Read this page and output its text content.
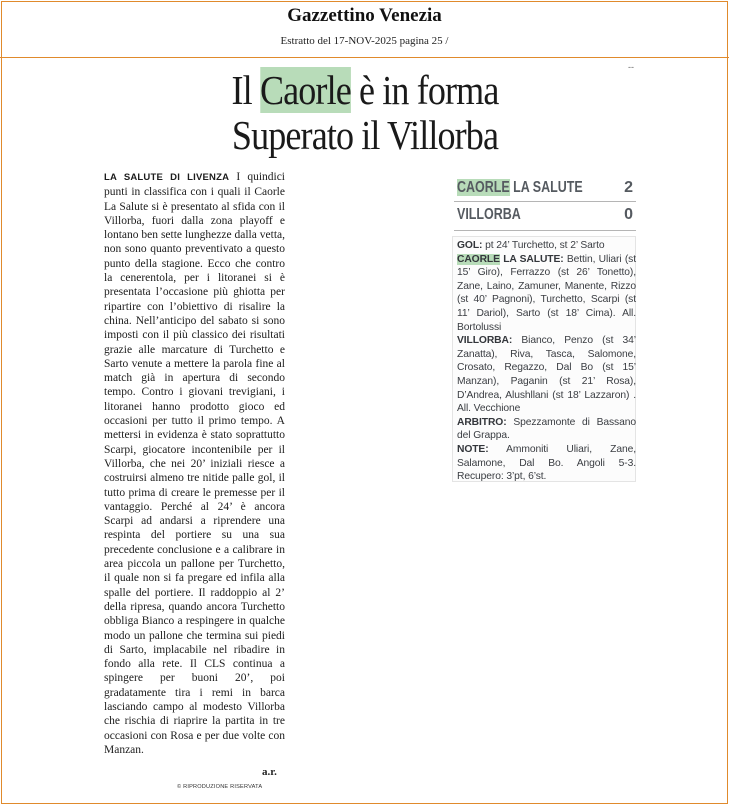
Gazzettino Venezia
Estratto del 17-NOV-2025 pagina 25 /
--
Il Caorle è in forma
Superato il Villorba
LA SALUTE DI LIVENZA I quindici punti in classifica con i quali il Caorle La Salute si è presentato al sfida con il Villorba, fuori dalla zona playoff e lontano ben sette lunghezze dalla vetta, non sono quanto preventivato a questo punto della stagione. Ecco che contro la cenerentola, per i litoranei si è presentata l’occasione più ghiotta per ripartire con l’obiettivo di risalire la china. Nell’anticipo del sabato si sono imposti con il più classico dei risultati grazie alle marcature di Turchetto e Sarto venute a mettere la parola fine al match già in apertura di secondo tempo. Contro i giovani trevigiani, i litoranei hanno prodotto gioco ed occasioni per tutto il primo tempo. A mettersi in evidenza è stato soprattutto Scarpi, giocatore incontenibile per il Villorba, che nei 20’ iniziali riesce a costruirsi almeno tre nitide palle gol, il tutto prima di creare le premesse per il vantaggio. Perché al 24’ è ancora Scarpi ad andarsi a riprendere una respinta del portiere su una sua precedente conclusione e a calibrare in area piccola un pallone per Turchetto, il quale non si fa pregare ed infila alla spalle del portiere. Il raddoppio al 2’ della ripresa, quando ancora Turchetto obbliga Bianco a respingere in qualche modo un pallone che termina sui piedi di Sarto, implacabile nel ribadire in fondo alla rete. Il CLS continua a spingere per buoni 20’, poi gradatamente tira i remi in barca lasciando campo al modesto Villorba che rischia di riaprire la partita in tre occasioni con Rosa e per due volte con Manzan.
a.r.
© RIPRODUZIONE RISERVATA
CAORLE LA SALUTE	2
VILLORBA	0

GOL: pt 24’ Turchetto, st 2’ Sarto

CAORLE LA SALUTE: Bettin, Uliari (st 15’ Giro), Ferrazzo (st 26’ Tonetto), Zane, Laino, Zamuner, Manente, Rizzo (st 40’ Pagnoni), Turchetto, Scarpi (st 11’ Dariol), Sarto (st 18’ Cima). All. Bortolussi

VILLORBA: Bianco, Penzo (st 34’ Zanatta), Riva, Tasca, Salomone, Crosato, Regazzo, Dal Bo (st 15’ Manzan), Paganin (st 21’ Rosa), D’Andrea, Alushllani (st 18’ Lazzaron) . All. Vecchione

ARBITRO: Spezzamonte di Bassano del Grappa.

NOTE: Ammoniti Uliari, Zane, Salamone, Dal Bo. Angoli 5-3. Recupero: 3’pt, 6’st.
